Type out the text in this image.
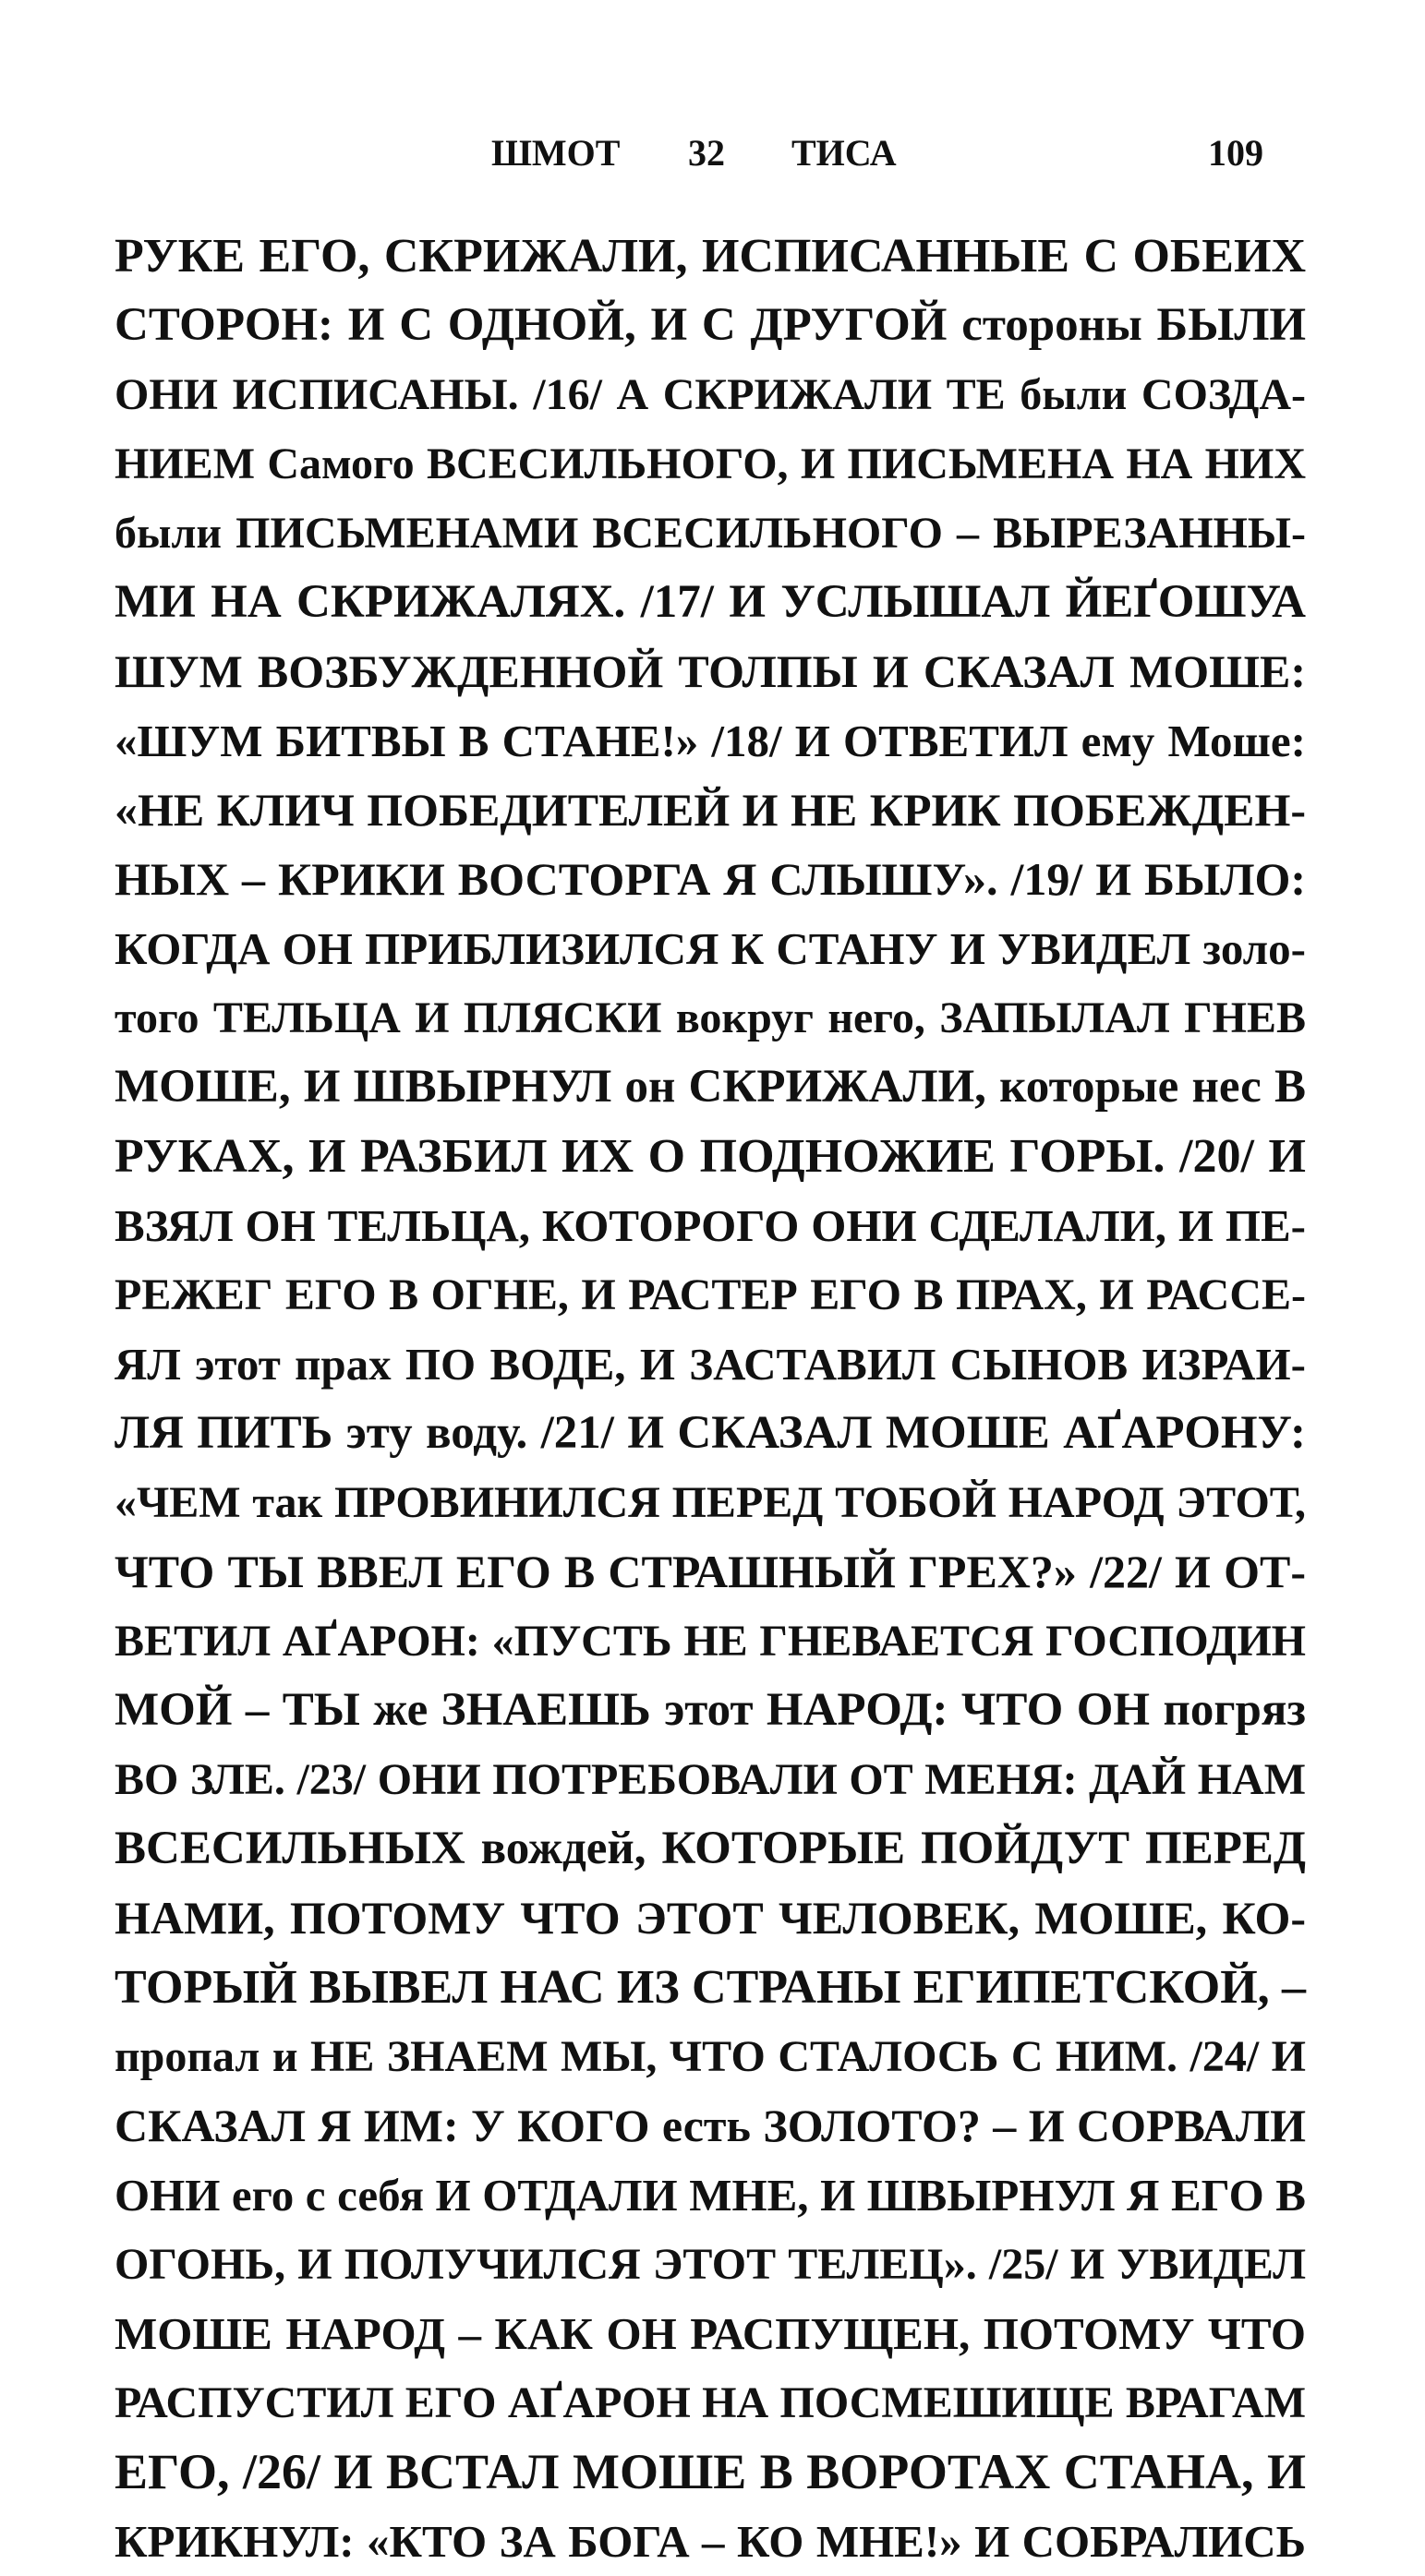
ШМОТ 32 ТИСА	109
РУКЕ ЕГО, СКРИЖАЛИ, ИСПИСАННЫЕ С ОБЕИХ
СТОРОН: И С ОДНОЙ, И С ДРУГОЙ стороны БЫЛИ
ОНИ ИСПИСАНЫ. /16/ А СКРИЖАЛИ ТЕ были СОЗДА-
НИЕМ Самого ВСЕСИЛЬНОГО, И ПИСЬМЕНА НА НИХ
были ПИСЬМЕНАМИ ВСЕСИЛЬНОГО – ВЫРЕЗАННЫ-
МИ НА СКРИЖАЛЯХ. /17/ И УСЛЫШАЛ ЙЕҐОШУА
ШУМ ВОЗБУЖДЕННОЙ ТОЛПЫ И СКАЗАЛ МОШЕ:
«ШУМ БИТВЫ В СТАНЕ!» /18/ И ОТВЕТИЛ ему Моше:
«НЕ КЛИЧ ПОБЕДИТЕЛЕЙ И НЕ КРИК ПОБЕЖДЕН-
НЫХ – КРИКИ ВОСТОРГА Я СЛЫШУ». /19/ И БЫЛО:
КОГДА ОН ПРИБЛИЗИЛСЯ К СТАНУ И УВИДЕЛ золо-
того ТЕЛЬЦА И ПЛЯСКИ вокруг него, ЗАПЫЛАЛ ГНЕВ
МОШЕ, И ШВЫРНУЛ он СКРИЖАЛИ, которые нес В
РУКАХ, И РАЗБИЛ ИХ О ПОДНОЖИЕ ГОРЫ. /20/ И
ВЗЯЛ ОН ТЕЛЬЦА, КОТОРОГО ОНИ СДЕЛАЛИ, И ПЕ-
РЕЖЕГ ЕГО В ОГНЕ, И РАСТЕР ЕГО В ПРАХ, И РАССЕ-
ЯЛ этот прах ПО ВОДЕ, И ЗАСТАВИЛ СЫНОВ ИЗРАИ-
ЛЯ ПИТЬ эту воду. /21/ И СКАЗАЛ МОШЕ АҐАРОНУ:
«ЧЕМ так ПРОВИНИЛСЯ ПЕРЕД ТОБОЙ НАРОД ЭТОТ,
ЧТО ТЫ ВВЕЛ ЕГО В СТРАШНЫЙ ГРЕХ?» /22/ И ОТ-
ВЕТИЛ АҐАРОН: «ПУСТЬ НЕ ГНЕВАЕТСЯ ГОСПОДИН
МОЙ – ТЫ же ЗНАЕШЬ этот НАРОД: ЧТО ОН погряз
ВО ЗЛЕ. /23/ ОНИ ПОТРЕБОВАЛИ ОТ МЕНЯ: ДАЙ НАМ
ВСЕСИЛЬНЫХ вождей, КОТОРЫЕ ПОЙДУТ ПЕРЕД
НАМИ, ПОТОМУ ЧТО ЭТОТ ЧЕЛОВЕК, МОШЕ, КО-
ТОРЫЙ ВЫВЕЛ НАС ИЗ СТРАНЫ ЕГИПЕТСКОЙ, –
пропал и НЕ ЗНАЕМ МЫ, ЧТО СТАЛОСЬ С НИМ. /24/ И
СКАЗАЛ Я ИМ: У КОГО есть ЗОЛОТО? – И СОРВАЛИ
ОНИ его с себя И ОТДАЛИ МНЕ, И ШВЫРНУЛ Я ЕГО В
ОГОНЬ, И ПОЛУЧИЛСЯ ЭТОТ ТЕЛЕЦ». /25/ И УВИДЕЛ
МОШЕ НАРОД – КАК ОН РАСПУЩЕН, ПОТОМУ ЧТО
РАСПУСТИЛ ЕГО АҐАРОН НА ПОСМЕШИЩЕ ВРАГАМ
ЕГО, /26/ И ВСТАЛ МОШЕ В ВОРОТАХ СТАНА, И
КРИКНУЛ: «КТО ЗА БОГА – КО МНЕ!» И СОБРАЛИСЬ
